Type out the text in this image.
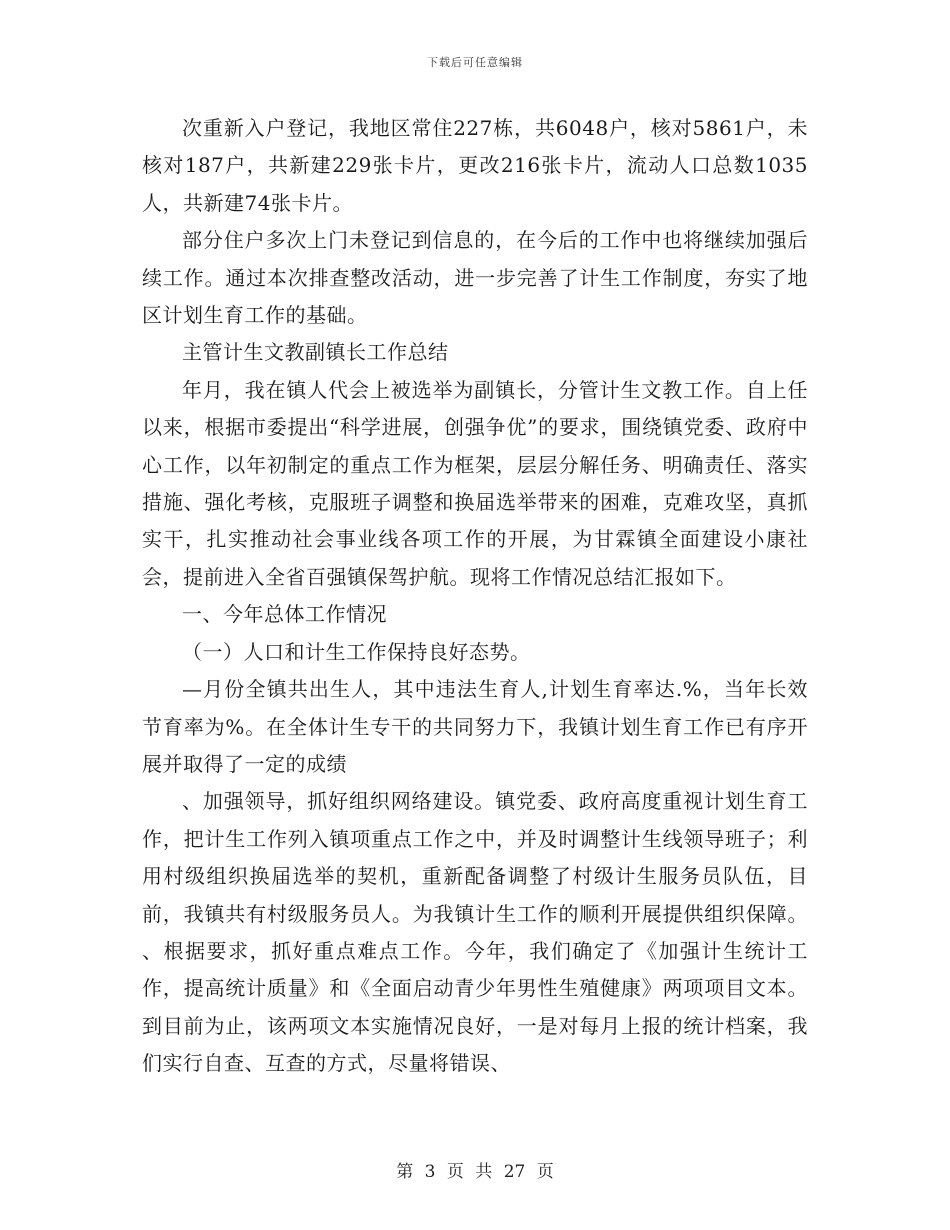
下载后可任意编辑

次重新入户登记，我地区常住227栋，共6048户，核对5861户，未核对187户，共新建229张卡片，更改216张卡片，流动人口总数1035人，共新建74张卡片。

部分住户多次上门未登记到信息的，在今后的工作中也将继续加强后续工作。通过本次排查整改活动，进一步完善了计生工作制度，夯实了地区计划生育工作的基础。

主管计生文教副镇长工作总结

年月，我在镇人代会上被选举为副镇长，分管计生文教工作。自上任以来，根据市委提出“科学进展，创强争优”的要求，围绕镇党委、政府中心工作，以年初制定的重点工作为框架，层层分解任务、明确责任、落实措施、强化考核，克服班子调整和换届选举带来的困难，克难攻坚，真抓实干，扎实推动社会事业线各项工作的开展，为甘霖镇全面建设小康社会，提前进入全省百强镇保驾护航。现将工作情况总结汇报如下。

一、今年总体工作情况

（一）人口和计生工作保持良好态势。

—月份全镇共出生人，其中违法生育人,计划生育率达.%，当年长效节育率为%。在全体计生专干的共同努力下，我镇计划生育工作已有序开展并取得了一定的成绩

、加强领导，抓好组织网络建设。镇党委、政府高度重视计划生育工作，把计生工作列入镇项重点工作之中，并及时调整计生线领导班子；利用村级组织换届选举的契机，重新配备调整了村级计生服务员队伍，目前，我镇共有村级服务员人。为我镇计生工作的顺利开展提供组织保障。 、根据要求，抓好重点难点工作。今年，我们确定了《加强计生统计工作，提高统计质量》和《全面启动青少年男性生殖健康》两项项目文本。到目前为止，该两项文本实施情况良好，一是对每月上报的统计档案，我们实行自查、互查的方式，尽量将错误、

第 3 页 共 27 页
